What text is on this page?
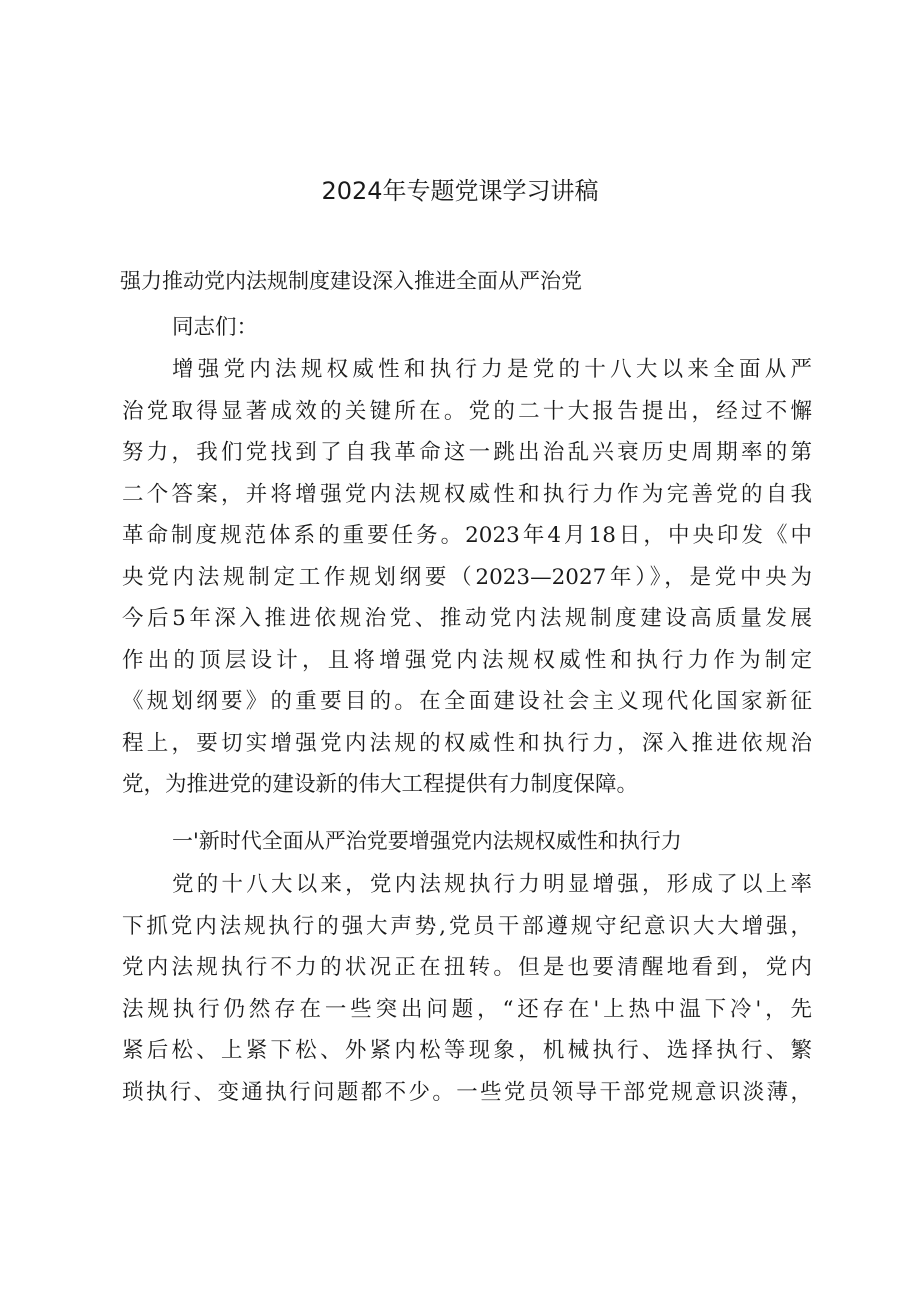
2024年专题党课学习讲稿
强力推动党内法规制度建设深入推进全面从严治党

同志们：

增强党内法规权威性和执行力是党的十八大以来全面从严
治党取得显著成效的关键所在。党的二十大报告提出，经过不懈
努力，我们党找到了自我革命这一跳出治乱兴衰历史周期率的第
二个答案，并将增强党内法规权威性和执行力作为完善党的自我
革命制度规范体系的重要任务。2023年4月18日，中央印发《中
央党内法规制定工作规划纲要（2023—2027年）》，是党中央为
今后5年深入推进依规治党、推动党内法规制度建设高质量发展
作出的顶层设计，且将增强党内法规权威性和执行力作为制定
《规划纲要》的重要目的。在全面建设社会主义现代化国家新征
程上，要切实增强党内法规的权威性和执行力，深入推进依规治
党，为推进党的建设新的伟大工程提供有力制度保障。
一'新时代全面从严治党要增强党内法规权威性和执行力
党的十八大以来，党内法规执行力明显增强，形成了以上率
下抓党内法规执行的强大声势,党员干部遵规守纪意识大大增强，
党内法规执行不力的状况正在扭转。但是也要清醒地看到，党内
法规执行仍然存在一些突出问题，“还存在'上热中温下冷'，先
紧后松、上紧下松、外紧内松等现象，机械执行、选择执行、繁
琐执行、变通执行问题都不少。一些党员领导干部党规意识淡薄，
